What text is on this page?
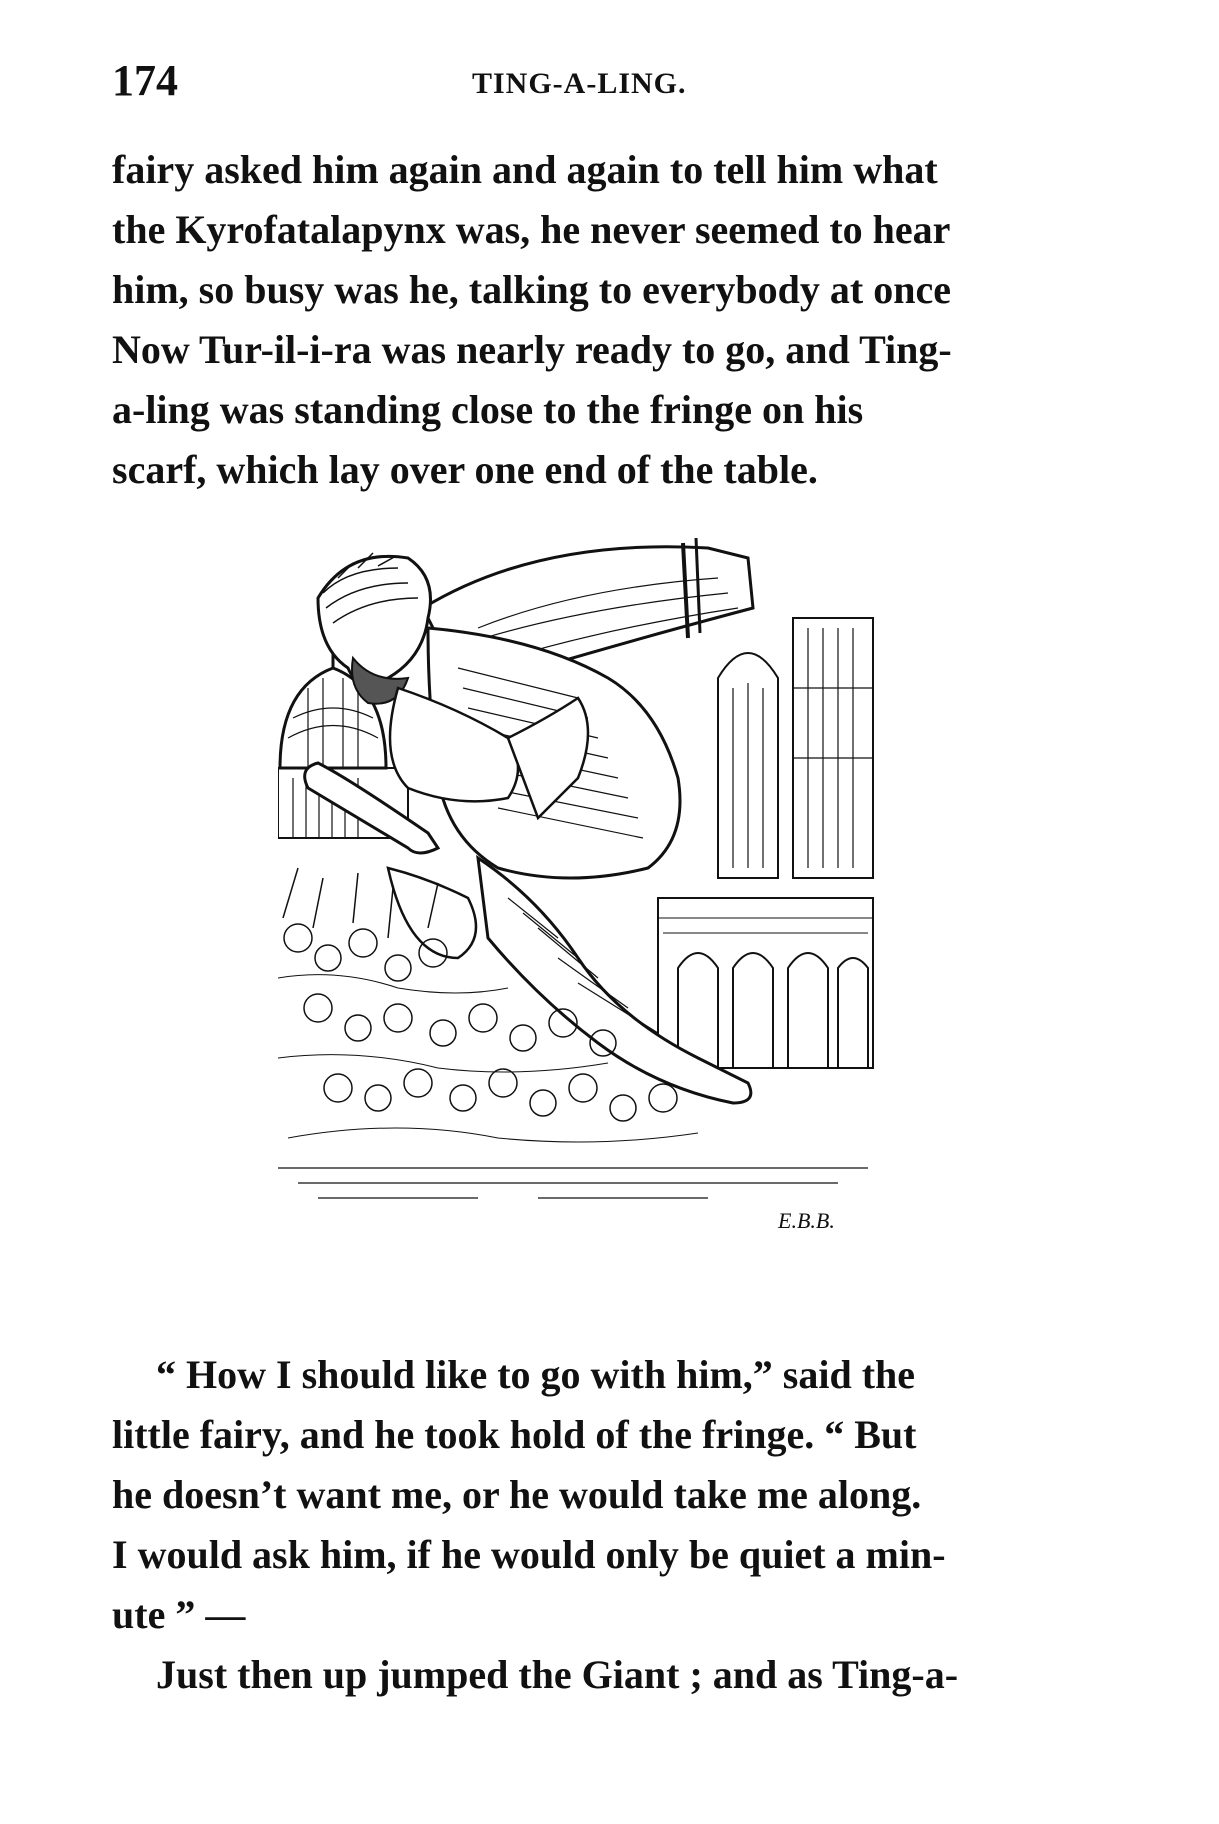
174	TING-A-LING.
fairy asked him again and again to tell him what
the Kyrofatalapynx was, he never seemed to hear
him, so busy was he, talking to everybody at once
Now Tur-il-i-ra was nearly ready to go, and Ting-
a-ling was standing close to the fringe on his
scarf, which lay over one end of the table.
E.B.B.
“ How I should like to go with him,” said the
little fairy, and he took hold of the fringe. “ But
he doesn’t want me, or he would take me along.
I would ask him, if he would only be quiet a min-
ute ” —
Just then up jumped the Giant ; and as Ting-a-
